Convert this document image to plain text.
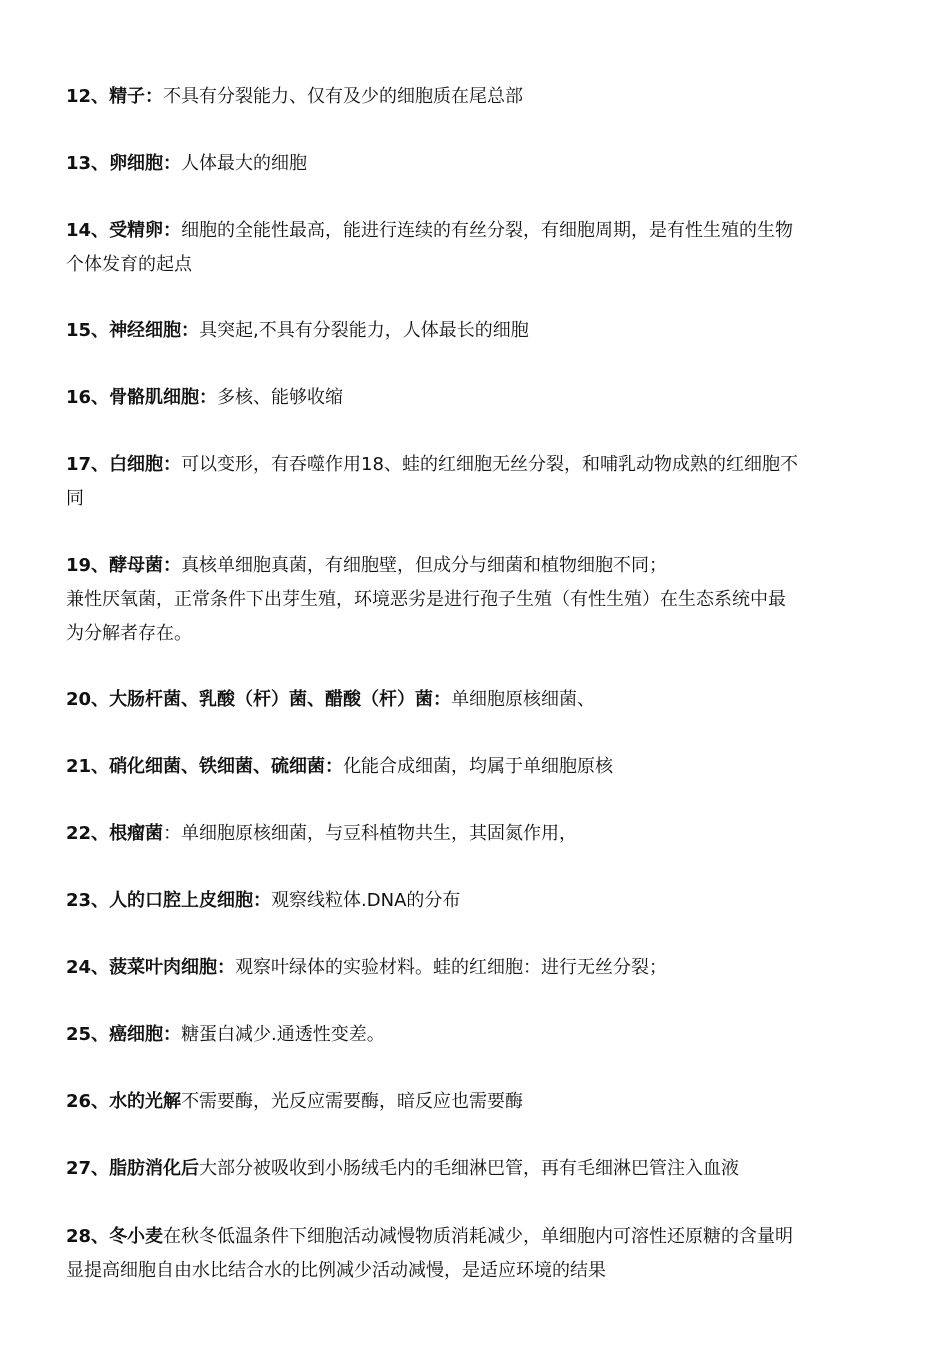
12、精子：不具有分裂能力、仅有及少的细胞质在尾总部

13、卵细胞：人体最大的细胞

14、受精卵：细胞的全能性最高，能进行连续的有丝分裂，有细胞周期，是有性生殖的生物
个体发育的起点

15、神经细胞：具突起,不具有分裂能力，人体最长的细胞

16、骨骼肌细胞：多核、能够收缩

17、白细胞：可以变形，有吞噬作用18、蛙的红细胞无丝分裂，和哺乳动物成熟的红细胞不
同

19、酵母菌：真核单细胞真菌，有细胞壁，但成分与细菌和植物细胞不同；
兼性厌氧菌，正常条件下出芽生殖，环境恶劣是进行孢子生殖（有性生殖）在生态系统中最
为分解者存在。

20、大肠杆菌、乳酸（杆）菌、醋酸（杆）菌：单细胞原核细菌、

21、硝化细菌、铁细菌、硫细菌：化能合成细菌，均属于单细胞原核

22、根瘤菌：单细胞原核细菌，与豆科植物共生，其固氮作用，

23、人的口腔上皮细胞：观察线粒体.DNA的分布

24、菠菜叶肉细胞：观察叶绿体的实验材料。蛙的红细胞：进行无丝分裂；

25、癌细胞：糖蛋白减少.通透性变差。

26、水的光解不需要酶，光反应需要酶，暗反应也需要酶

27、脂肪消化后大部分被吸收到小肠绒毛内的毛细淋巴管，再有毛细淋巴管注入血液

28、冬小麦在秋冬低温条件下细胞活动减慢物质消耗减少，单细胞内可溶性还原糖的含量明
显提高细胞自由水比结合水的比例减少活动减慢，是适应环境的结果
